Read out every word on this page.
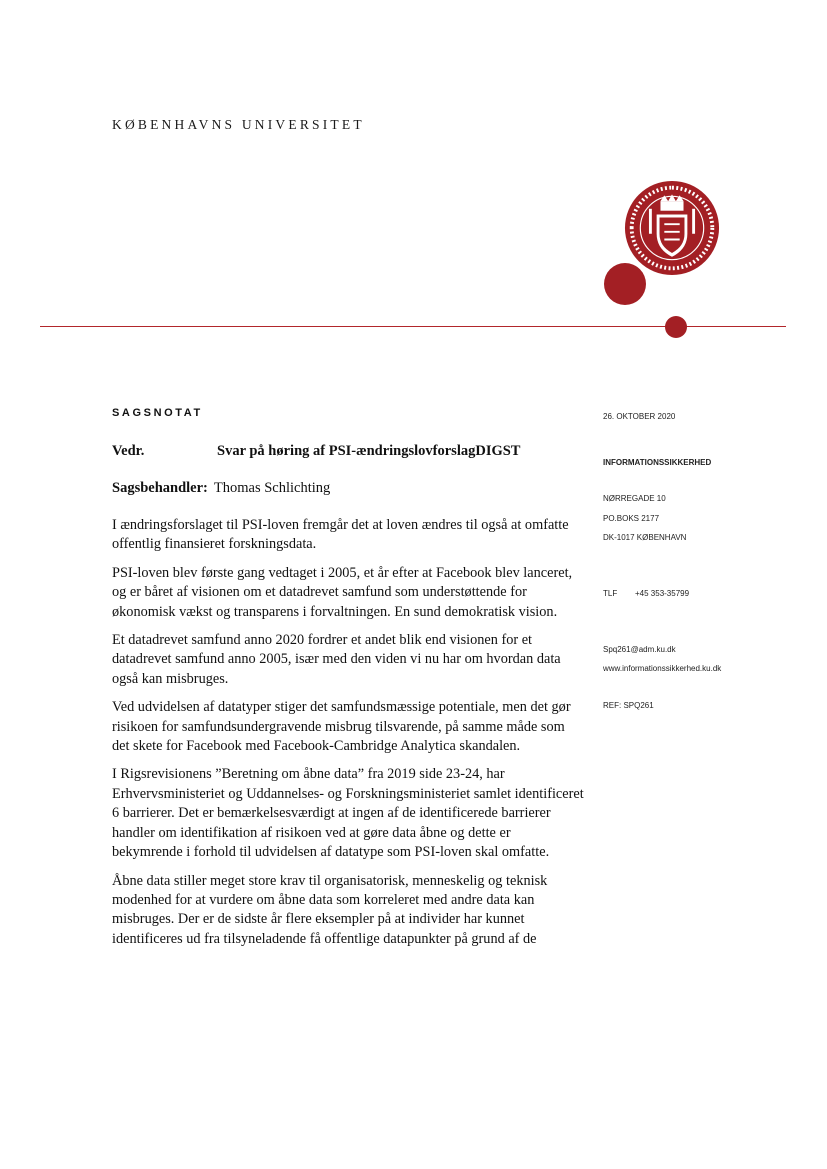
KØBENHAVNS UNIVERSITET
SAGSNOTAT
Vedr.	Svar på høring af PSI-ændringslovforslagDIGST
Sagsbehandler: Thomas Schlichting

I ændringsforslaget til PSI-loven fremgår det at loven ændres til også at omfatte offentlig finansieret forskningsdata.

PSI-loven blev første gang vedtaget i 2005, et år efter at Facebook blev lanceret, og er båret af visionen om et datadrevet samfund som understøttende for økonomisk vækst og transparens i forvaltningen. En sund demokratisk vision.

Et datadrevet samfund anno 2020 fordrer et andet blik end visionen for et datadrevet samfund anno 2005, især med den viden vi nu har om hvordan data også kan misbruges.

Ved udvidelsen af datatyper stiger det samfundsmæssige potentiale, men det gør risikoen for samfundsundergravende misbrug tilsvarende, på samme måde som det skete for Facebook med Facebook-Cambridge Analytica skandalen.

I Rigsrevisionens ”Beretning om åbne data” fra 2019 side 23-24, har Erhvervsministeriet og Uddannelses- og Forskningsministeriet samlet identificeret 6 barrierer. Det er bemærkelsesværdigt at ingen af de identificerede barrierer handler om identifikation af risikoen ved at gøre data åbne og dette er bekymrende i forhold til udvidelsen af datatype som PSI-loven skal omfatte.

Åbne data stiller meget store krav til organisatorisk, menneskelig og teknisk modenhed for at vurdere om åbne data som korreleret med andre data kan misbruges. Der er de sidste år flere eksempler på at individer har kunnet identificeres ud fra tilsyneladende få offentlige datapunkter på grund af de

26. OKTOBER 2020
INFORMATIONSSIKKERHED
NØRREGADE 10
PO.BOKS 2177
DK-1017 KØBENHAVN
TLF +45 353-35799
Spq261@adm.ku.dk
www.informationssikkerhed.ku.dk
REF: SPQ261
